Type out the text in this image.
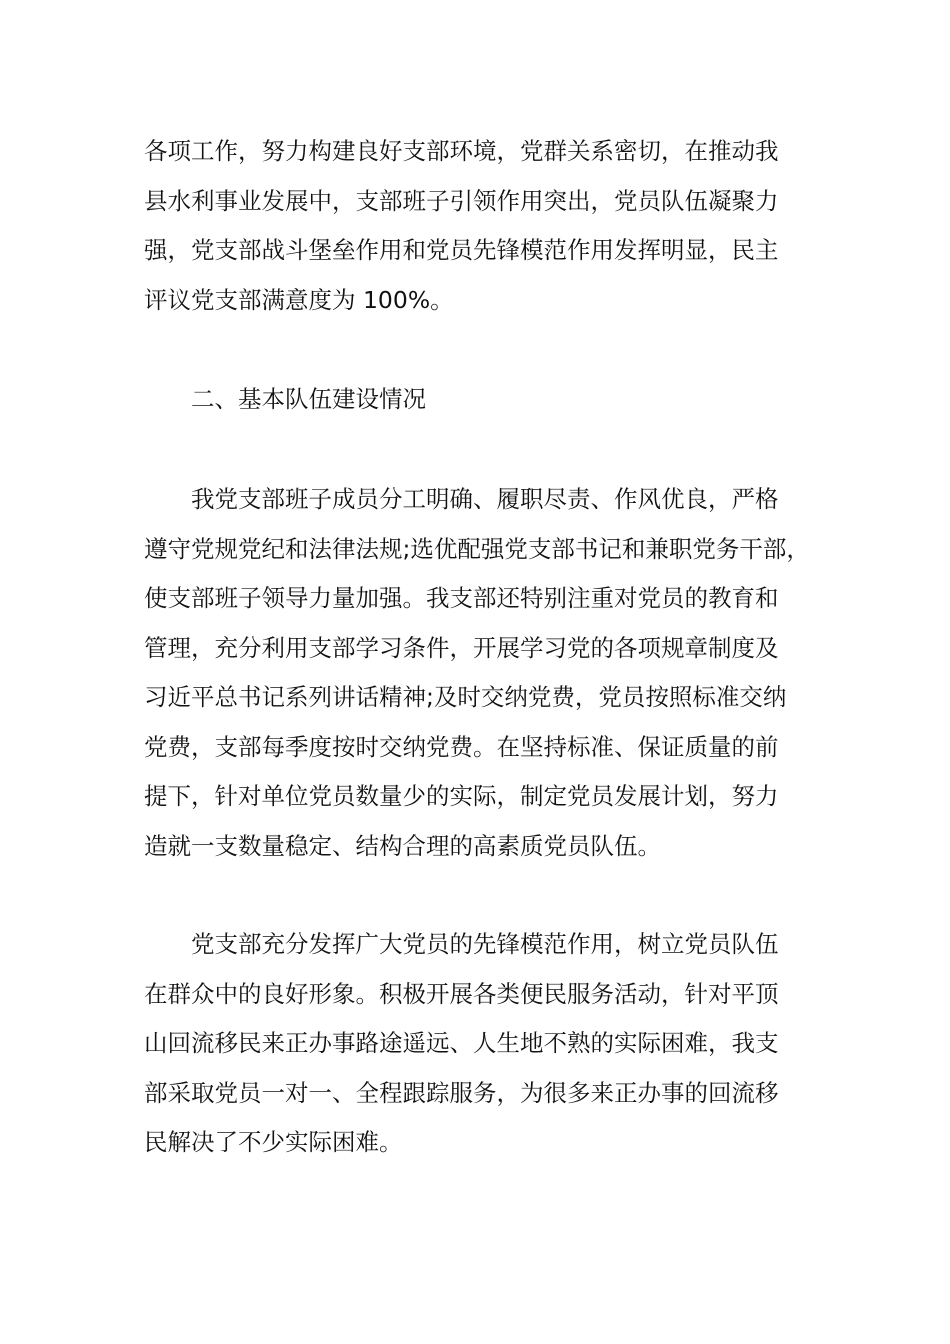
各项工作，努力构建良好支部环境，党群关系密切，在推动我
县水利事业发展中，支部班子引领作用突出，党员队伍凝聚力
强，党支部战斗堡垒作用和党员先锋模范作用发挥明显，民主
评议党支部满意度为 100%。
二、基本队伍建设情况
我党支部班子成员分工明确、履职尽责、作风优良，严格
遵守党规党纪和法律法规;选优配强党支部书记和兼职党务干部，
使支部班子领导力量加强。我支部还特别注重对党员的教育和
管理，充分利用支部学习条件，开展学习党的各项规章制度及
习近平总书记系列讲话精神;及时交纳党费，党员按照标准交纳
党费，支部每季度按时交纳党费。在坚持标准、保证质量的前
提下，针对单位党员数量少的实际，制定党员发展计划，努力
造就一支数量稳定、结构合理的高素质党员队伍。
党支部充分发挥广大党员的先锋模范作用，树立党员队伍
在群众中的良好形象。积极开展各类便民服务活动，针对平顶
山回流移民来正办事路途遥远、人生地不熟的实际困难，我支
部采取党员一对一、全程跟踪服务，为很多来正办事的回流移
民解决了不少实际困难。
